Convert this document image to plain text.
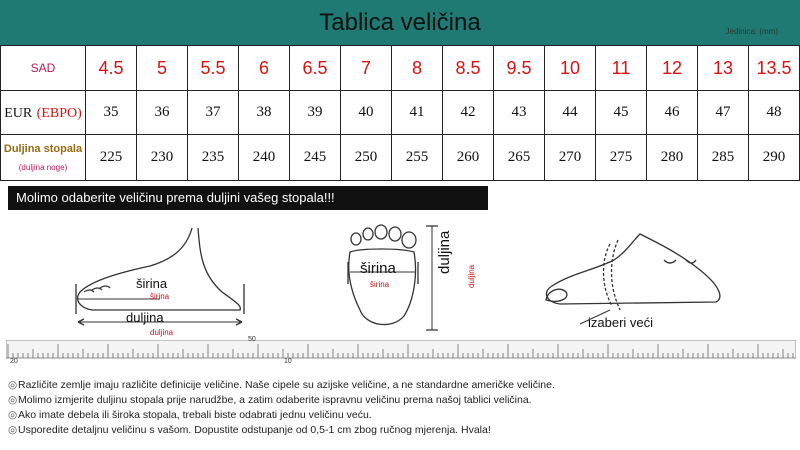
Tablica veličina	Jedinica: (mm)
SAD	4.5	5	5.5	6	6.5	7	8	8.5	9.5	10	11	12	13	13.5
EUR (EBPO)	35	36	37	38	39	40	41	42	43	44	45	46	47	48

Duljina stopala
(duljina noge)	225	230	235	240	245	250	255	260	265	270	275	280	285	290
Molimo odaberite veličinu prema duljini vašeg stopala!!!
širina
širina
duljina
duljina
širina
širina
duljina
duljina
izaberi veći
20
50
10
◎Različite zemlje imaju različite definicije veličine. Naše cipele su azijske veličine, a ne standardne američke veličine.
◎Molimo izmjerite duljinu stopala prije narudžbe, a zatim odaberite ispravnu veličinu prema našoj tablici veličina.
◎Ako imate debela ili široka stopala, trebali biste odabrati jednu veličinu veću.
◎Usporedite detaljnu veličinu s vašom. Dopustite odstupanje od 0,5-1 cm zbog ručnog mjerenja. Hvala!
